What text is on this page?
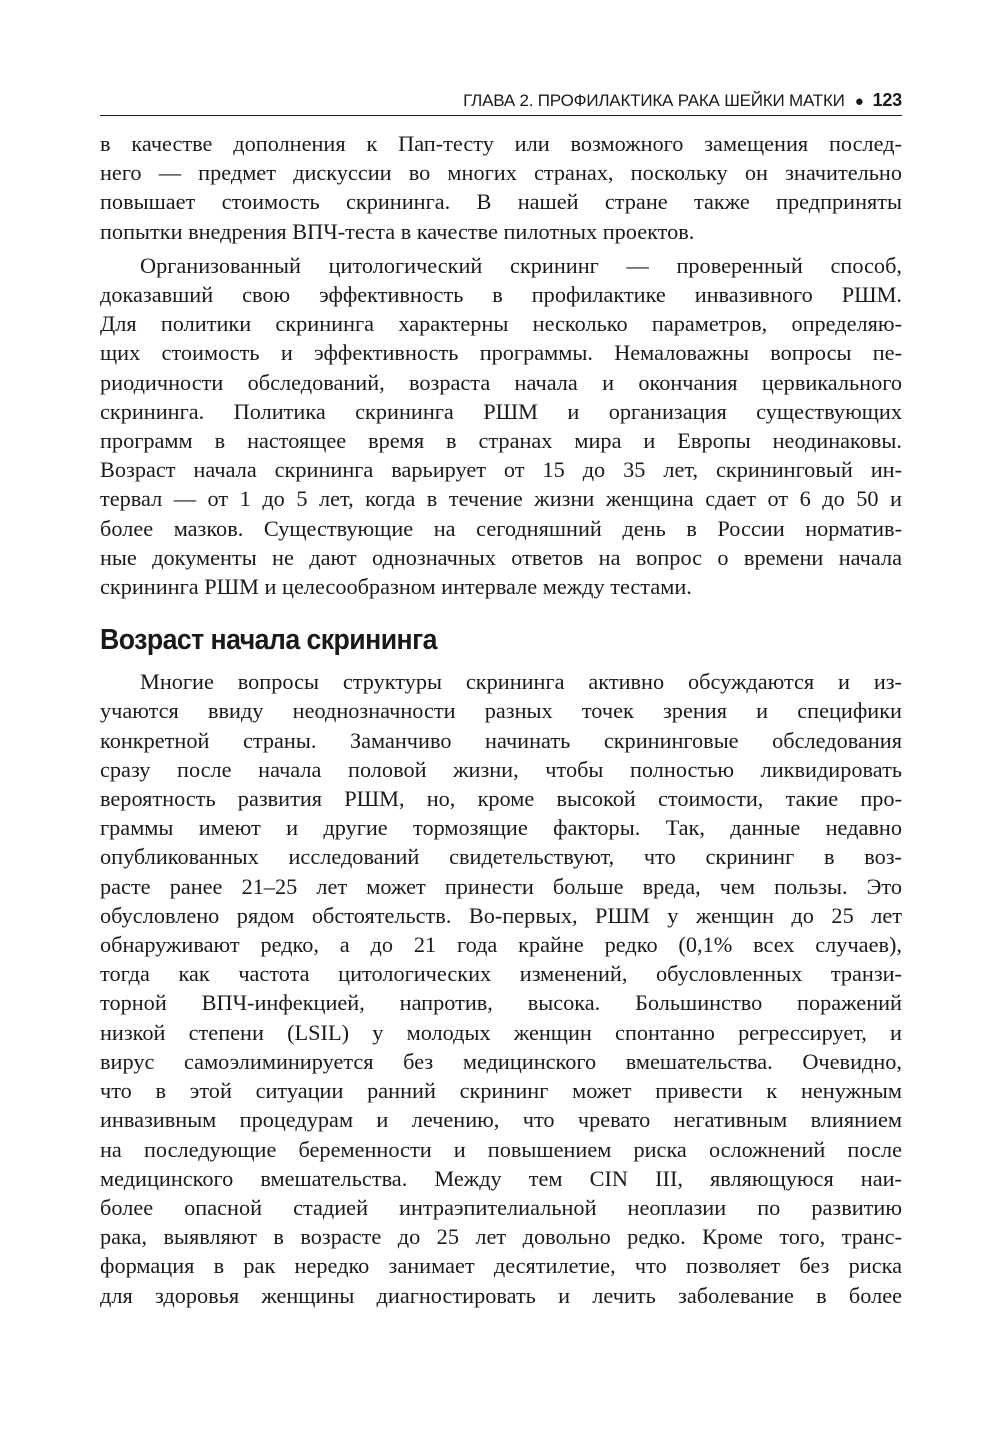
ГЛАВА 2. ПРОФИЛАКТИКА РАКА ШЕЙКИ МАТКИ ● 123

в качестве дополнения к Пап-тесту или возможного замещения послед-
него — предмет дискуссии во многих странах, поскольку он значительно
повышает стоимость скрининга. В нашей стране также предприняты
попытки внедрения ВПЧ-теста в качестве пилотных проектов.

Организованный цитологический скрининг — проверенный способ,
доказавший свою эффективность в профилактике инвазивного РШМ.
Для политики скрининга характерны несколько параметров, определяю-
щих стоимость и эффективность программы. Немаловажны вопросы пе-
риодичности обследований, возраста начала и окончания цервикального
скрининга. Политика скрининга РШМ и организация существующих
программ в настоящее время в странах мира и Европы неодинаковы.
Возраст начала скрининга варьирует от 15 до 35 лет, скрининговый ин-
тервал — от 1 до 5 лет, когда в течение жизни женщина сдает от 6 до 50 и
более мазков. Существующие на сегодняшний день в России норматив-
ные документы не дают однозначных ответов на вопрос о времени начала
скрининга РШМ и целесообразном интервале между тестами.

Возраст начала скрининга

Многие вопросы структуры скрининга активно обсуждаются и из-
учаются ввиду неоднозначности разных точек зрения и специфики
конкретной страны. Заманчиво начинать скрининговые обследования
сразу после начала половой жизни, чтобы полностью ликвидировать
вероятность развития РШМ, но, кроме высокой стоимости, такие про-
граммы имеют и другие тормозящие факторы. Так, данные недавно
опубликованных исследований свидетельствуют, что скрининг в воз-
расте ранее 21–25 лет может принести больше вреда, чем пользы. Это
обусловлено рядом обстоятельств. Во-первых, РШМ у женщин до 25 лет
обнаруживают редко, а до 21 года крайне редко (0,1% всех случаев),
тогда как частота цитологических изменений, обусловленных транзи-
торной ВПЧ-инфекцией, напротив, высока. Большинство поражений
низкой степени (LSIL) у молодых женщин спонтанно регрессирует, и
вирус самоэлиминируется без медицинского вмешательства. Очевидно,
что в этой ситуации ранний скрининг может привести к ненужным
инвазивным процедурам и лечению, что чревато негативным влиянием
на последующие беременности и повышением риска осложнений после
медицинского вмешательства. Между тем CIN III, являющуюся наи-
более опасной стадией интраэпителиальной неоплазии по развитию
рака, выявляют в возрасте до 25 лет довольно редко. Кроме того, транс-
формация в рак нередко занимает десятилетие, что позволяет без риска
для здоровья женщины диагностировать и лечить заболевание в более
